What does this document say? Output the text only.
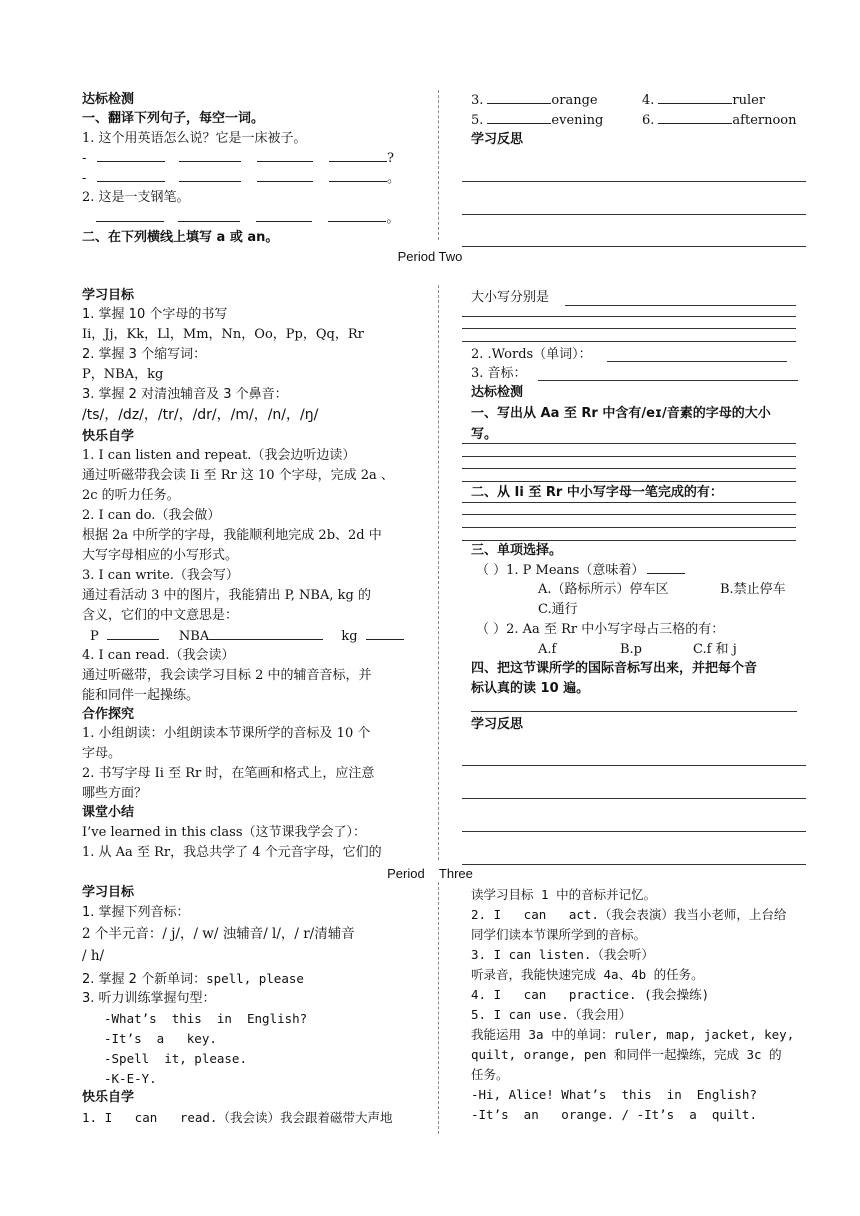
达标检测
一、翻译下列句子，每空一词。
1. 这个用英语怎么说？它是一床被子。
-	?
-	。
2. 这是一支钢笔。
。
二、在下列横线上填写 a 或 an。
3.	orange	4.	ruler
5.	evening	6.	afternoon
学习反思
Period Two
学习目标
1. 掌握 10 个字母的书写
Ii，Jj，Kk，Ll，Mm，Nn，Oo，Pp，Qq，Rr
2. 掌握 3 个缩写词：
P，NBA，kg
3. 掌握 2 对清浊辅音及 3 个鼻音：
/ts/，/dz/，/tr/，/dr/，/m/，/n/，/ŋ/
快乐自学
1. I can listen and repeat.（我会边听边读）
通过听磁带我会读 Ii 至 Rr 这 10 个字母，完成 2a 、
2c 的听力任务。
2. I can do.（我会做）
根据 2a 中所学的字母，我能顺利地完成 2b、2d 中
大写字母相应的小写形式。
3. I can write.（我会写）
通过看活动 3 中的图片，我能猜出 P, NBA, kg 的
含义，它们的中文意思是：
P	NBA	kg
4. I can read.（我会读）
通过听磁带，我会读学习目标 2 中的辅音音标，并
能和同伴一起操练。
合作探究
1. 小组朗读：小组朗读本节课所学的音标及 10 个
字母。
2. 书写字母 Ii 至 Rr 时，在笔画和格式上，应注意
哪些方面？
课堂小结
I’ve learned in this class（这节课我学会了）：
1. 从 Aa 至 Rr，我总共学了 4 个元音字母，它们的
大小写分别是
2. .Words（单词）：
3. 音标：
达标检测
一、写出从 Aa 至 Rr 中含有/eɪ/音素的字母的大小
写。
二、从 Ii 至 Rr 中小写字母一笔完成的有：
三、单项选择。
（ ）1. P Means（意味着）
A.（路标所示）停车区	B.禁止停车
C.通行
（ ）2. Aa 至 Rr 中小写字母占三格的有：
A.f	B.p	C.f 和 j
四、把这节课所学的国际音标写出来，并把每个音
标认真的读 10 遍。
学习反思
Period    Three
学习目标
1. 掌握下列音标：
2 个半元音：/ j/，/ w/ 浊辅音/ l/，/ r/清辅音
/ h/
2. 掌握 2 个新单词：spell, please
3. 听力训练掌握句型：
-What’s  this  in  English?
-It’s  a   key.
-Spell  it, please.
-K-E-Y.
快乐自学
1. I   can   read.（我会读）我会跟着磁带大声地
读学习目标 1 中的音标并记忆。
2. I   can   act.（我会表演）我当小老师，上台给
同学们读本节课所学到的音标。
3. I can listen.（我会听）
听录音，我能快速完成 4a、4b 的任务。
4. I   can   practice. (我会操练)
5. I can use.（我会用）
我能运用 3a 中的单词：ruler, map, jacket, key,
quilt, orange, pen 和同伴一起操练，完成 3c 的
任务。
-Hi, Alice! What’s  this  in  English?
-It’s  an   orange. / -It’s  a  quilt.
